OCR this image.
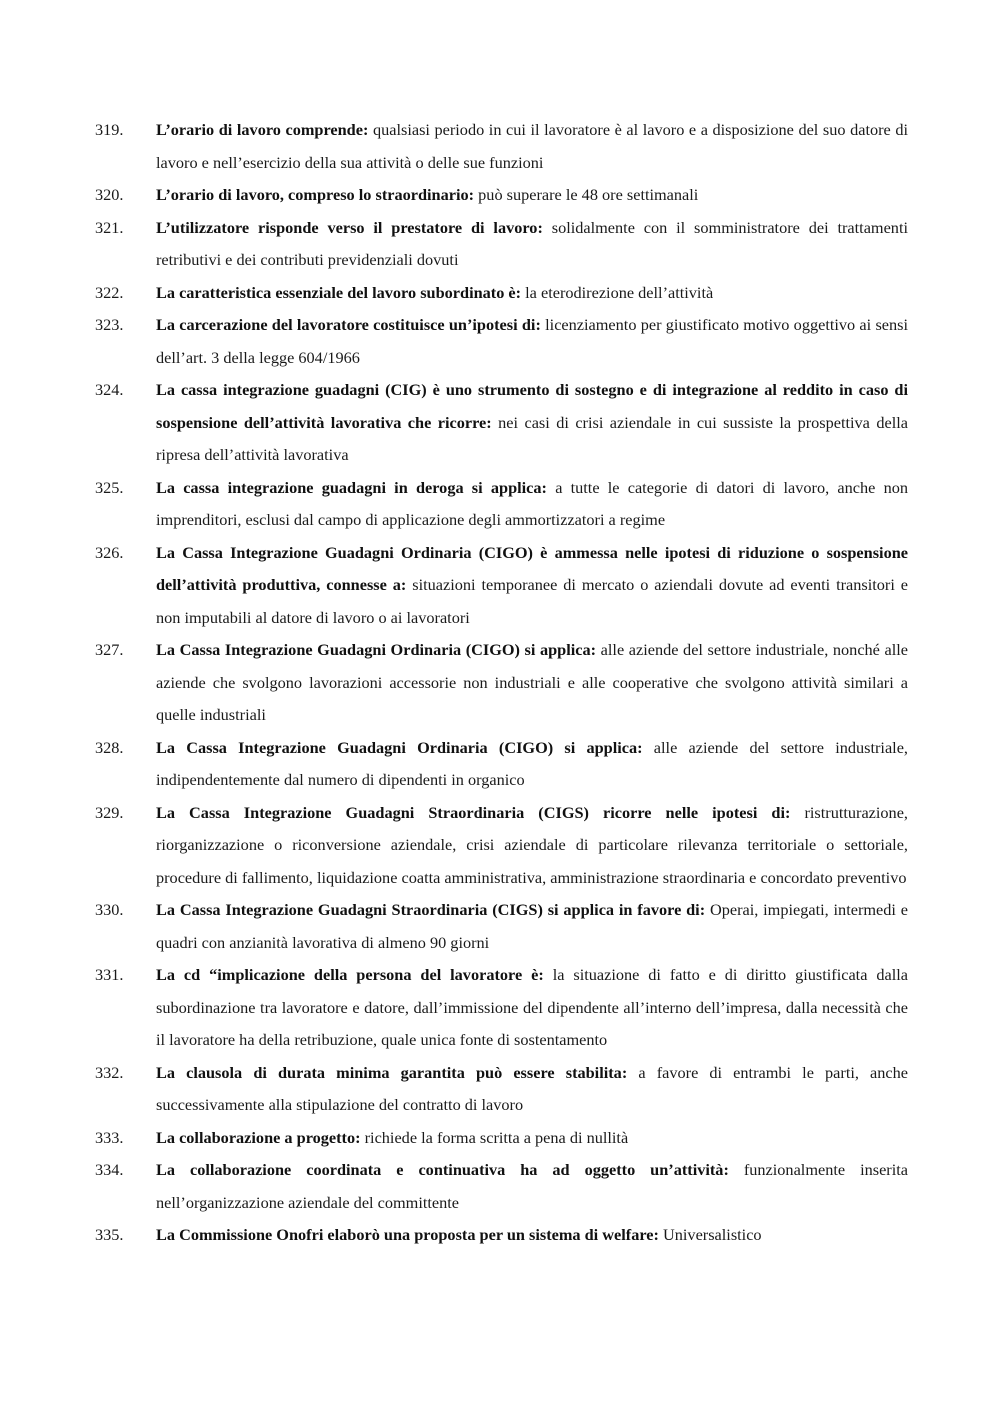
319.	L’orario di lavoro comprende: qualsiasi periodo in cui il lavoratore è al lavoro e a disposizione del suo datore di lavoro e nell’esercizio della sua attività o delle sue funzioni
320.	L’orario di lavoro, compreso lo straordinario: può superare le 48 ore settimanali
321.	L’utilizzatore risponde verso il prestatore di lavoro: solidalmente con il somministratore dei trattamenti retributivi e dei contributi previdenziali dovuti
322.	La caratteristica essenziale del lavoro subordinato è: la eterodirezione dell’attività
323.	La carcerazione del lavoratore costituisce un’ipotesi di: licenziamento per giustificato motivo oggettivo ai sensi dell’art. 3 della legge 604/1966
324.	La cassa integrazione guadagni (CIG) è uno strumento di sostegno e di integrazione al reddito in caso di sospensione dell’attività lavorativa che ricorre: nei casi di crisi aziendale in cui sussiste la prospettiva della ripresa dell’attività lavorativa
325.	La cassa integrazione guadagni in deroga si applica: a tutte le categorie di datori di lavoro, anche non imprenditori, esclusi dal campo di applicazione degli ammortizzatori a regime
326.	La Cassa Integrazione Guadagni Ordinaria (CIGO) è ammessa nelle ipotesi di riduzione o sospensione dell’attività produttiva, connesse a: situazioni temporanee di mercato o aziendali dovute ad eventi transitori e non imputabili al datore di lavoro o ai lavoratori
327.	La Cassa Integrazione Guadagni Ordinaria (CIGO) si applica: alle aziende del settore industriale, nonché alle aziende che svolgono lavorazioni accessorie non industriali e alle cooperative che svolgono attività similari a quelle industriali
328.	La Cassa Integrazione Guadagni Ordinaria (CIGO) si applica: alle aziende del settore industriale, indipendentemente dal numero di dipendenti in organico
329.	La Cassa Integrazione Guadagni Straordinaria (CIGS) ricorre nelle ipotesi di: ristrutturazione, riorganizzazione o riconversione aziendale, crisi aziendale di particolare rilevanza territoriale o settoriale, procedure di fallimento, liquidazione coatta amministrativa, amministrazione straordinaria e concordato preventivo
330.	La Cassa Integrazione Guadagni Straordinaria (CIGS) si applica in favore di: Operai, impiegati, intermedi e quadri con anzianità lavorativa di almeno 90 giorni
331.	La cd “implicazione della persona del lavoratore è: la situazione di fatto e di diritto giustificata dalla subordinazione tra lavoratore e datore, dall’immissione del dipendente all’interno dell’impresa, dalla necessità che il lavoratore ha della retribuzione, quale unica fonte di sostentamento
332.	La clausola di durata minima garantita può essere stabilita: a favore di entrambi le parti, anche successivamente alla stipulazione del contratto di lavoro
333.	La collaborazione a progetto: richiede la forma scritta a pena di nullità
334.	La collaborazione coordinata e continuativa ha ad oggetto un’attività: funzionalmente inserita nell’organizzazione aziendale del committente
335.	La Commissione Onofri elaborò una proposta per un sistema di welfare: Universalistico
